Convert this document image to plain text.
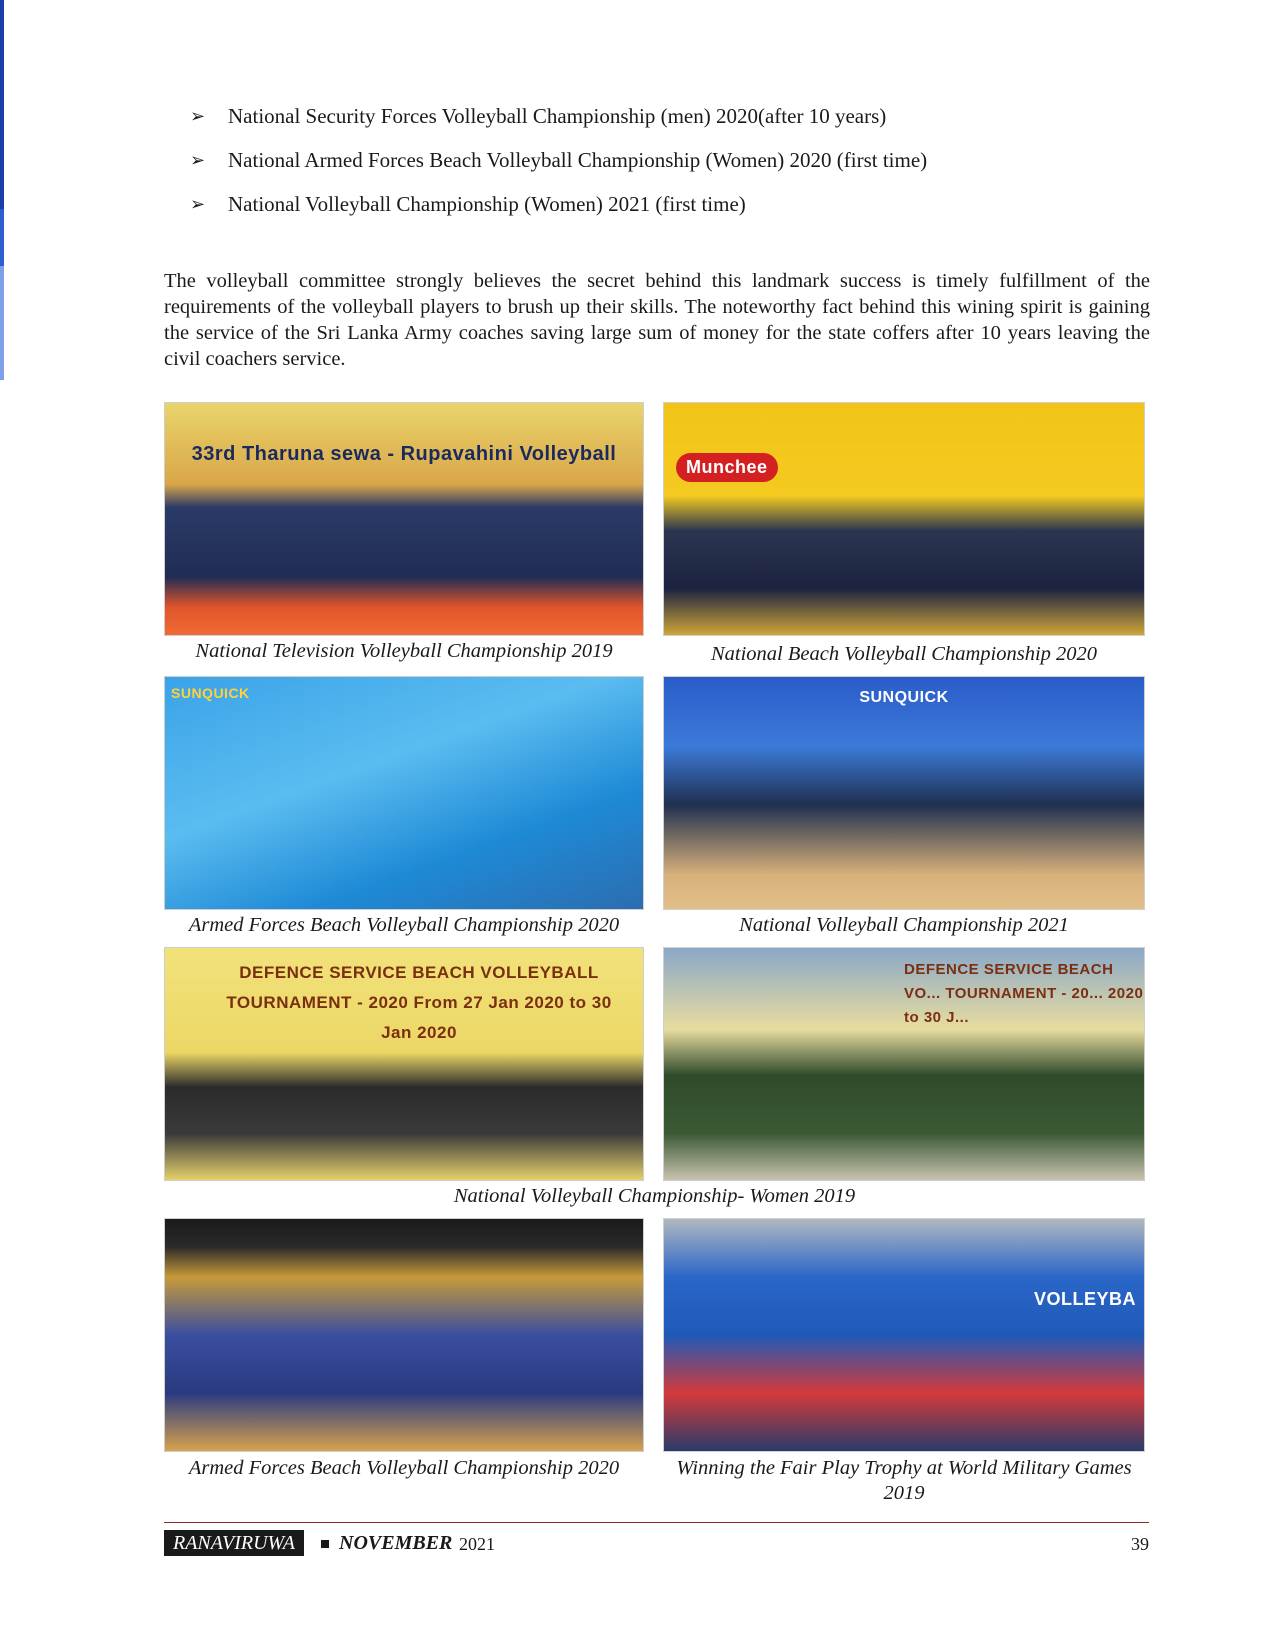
➢	National Security Forces Volleyball Championship (men) 2020(after 10 years)
➢	National Armed Forces Beach Volleyball Championship (Women) 2020 (first time)
➢	National Volleyball Championship (Women) 2021 (first time)

The volleyball committee strongly believes the secret behind this landmark success is timely fulfillment of the requirements of the volleyball players to brush up their skills. The noteworthy fact behind this wining spirit is gaining the service of the Sri Lanka Army coaches saving large sum of money for the state coffers after 10 years leaving the civil coachers service.

33rd Tharuna sewa - Rupavahini Volleyball
Munchee
National Television Volleyball Championship 2019	National Beach Volleyball Championship 2020
SUNQUICK	SUNQUICK
Armed Forces Beach Volleyball Championship 2020	National Volleyball Championship 2021
DEFENCE SERVICE BEACH VOLLEYBALL TOURNAMENT - 2020 From 27 Jan 2020 to 30 Jan 2020
DEFENCE SERVICE BEACH VO... TOURNAMENT - 20... 2020 to 30 J...
National Volleyball Championship- Women 2019
VOLLEYBA
Armed Forces Beach Volleyball Championship 2020	Winning the Fair Play Trophy at World Military Games 2019
RANAVIRUWA	NOVEMBER 2021	39
